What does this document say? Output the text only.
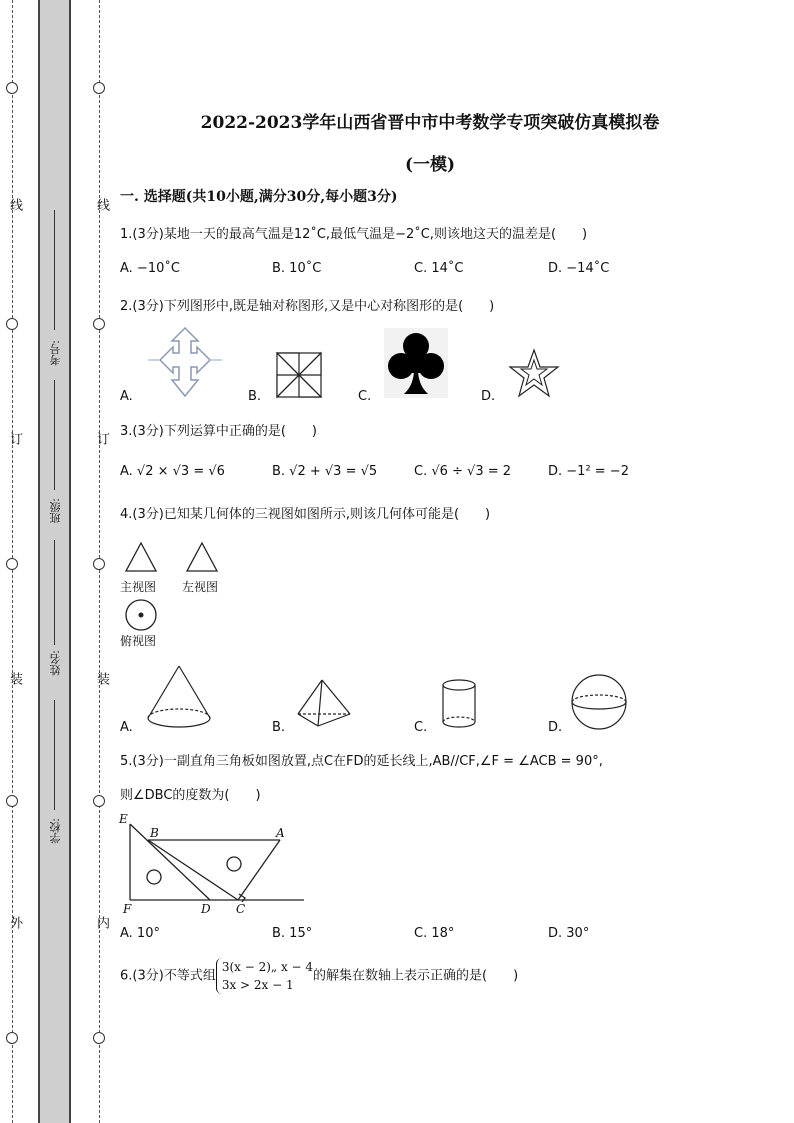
线
订
装
外
线
订
装
内
考号:
班级:
姓名:
学校:
2022-2023学年山西省晋中市中考数学专项突破仿真模拟卷
(一模)
一. 选择题(共10小题,满分30分,每小题3分)
1.(3分)某地一天的最高气温是12˚C,最低气温是−2˚C,则该地这天的温差是(　　)
A. −10˚C	B. 10˚C	C. 14˚C	D. −14˚C
2.(3分)下列图形中,既是轴对称图形,又是中心对称图形的是(　　)
A.	B.	C.	D.
3.(3分)下列运算中正确的是(　　)
A. √2 × √3 = √6	B. √2 + √3 = √5	C. √6 ÷ √3 = 2	D. −1² = −2
4.(3分)已知某几何体的三视图如图所示,则该几何体可能是(　　)
主视图 左视图
俯视图
A.	B.	C.	D.
5.(3分)一副直角三角板如图放置,点C在FD的延长线上,AB//CF,∠F = ∠ACB = 90°,
则∠DBC的度数为(　　)
E
B	A
F	D C
A. 10°	B. 15°	C. 18°	D. 30°
6.(3分)不等式组3(x − 2)„ x − 4
3x > 2x − 1的解集在数轴上表示正确的是(　　)
